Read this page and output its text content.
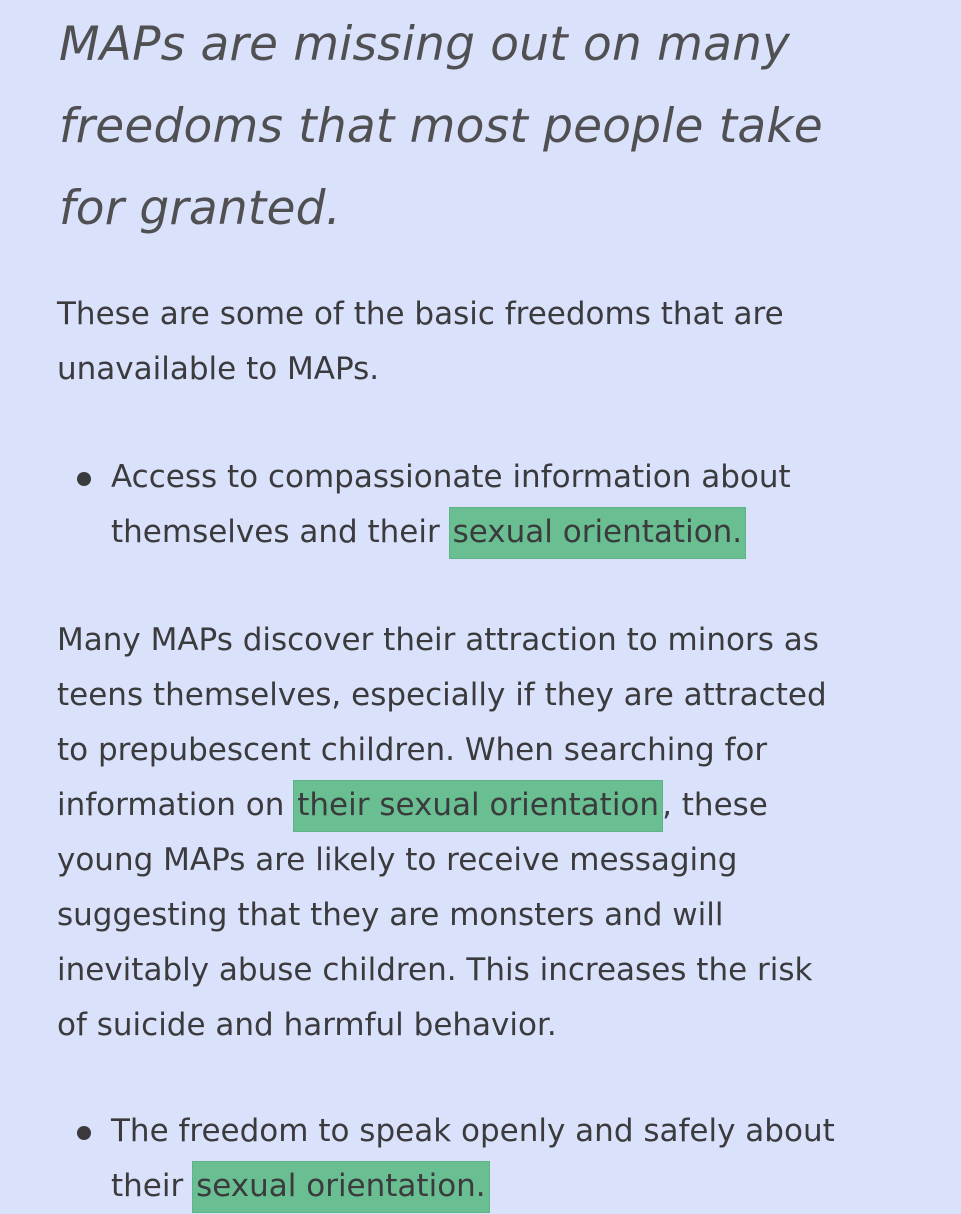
MAPs are missing out on many
freedoms that most people take
for granted.

These are some of the basic freedoms that are
unavailable to MAPs.

Access to compassionate information about
themselves and their sexual orientation.

Many MAPs discover their attraction to minors as
teens themselves, especially if they are attracted
to prepubescent children. When searching for
information on their sexual orientation, these
young MAPs are likely to receive messaging
suggesting that they are monsters and will
inevitably abuse children. This increases the risk
of suicide and harmful behavior.

The freedom to speak openly and safely about
their sexual orientation.
